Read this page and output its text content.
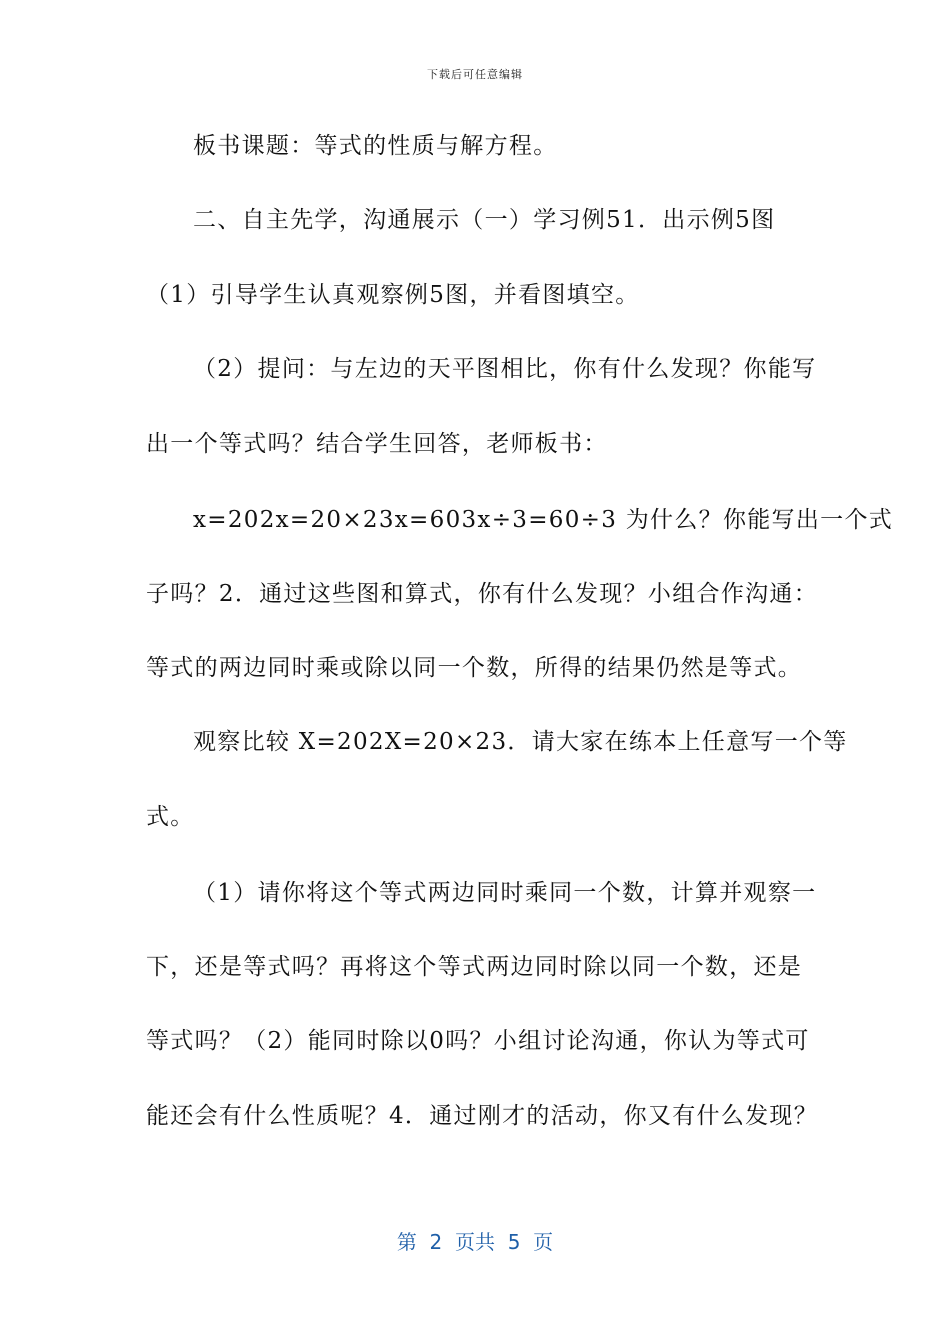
下载后可任意编辑
板书课题：等式的性质与解方程。
二、自主先学，沟通展示（一）学习例51．出示例5图
（1）引导学生认真观察例5图，并看图填空。
（2）提问：与左边的天平图相比，你有什么发现？你能写
出一个等式吗？结合学生回答，老师板书：
x=202x=20×23x=603x÷3=60÷3 为什么？你能写出一个式
子吗？2．通过这些图和算式，你有什么发现？小组合作沟通：
等式的两边同时乘或除以同一个数，所得的结果仍然是等式。
观察比较 X=202X=20×23．请大家在练本上任意写一个等
式。
（1）请你将这个等式两边同时乘同一个数，计算并观察一
下，还是等式吗？再将这个等式两边同时除以同一个数，还是
等式吗？（2）能同时除以0吗？小组讨论沟通，你认为等式可
能还会有什么性质呢？4．通过刚才的活动，你又有什么发现？
第  2  页共  5  页
